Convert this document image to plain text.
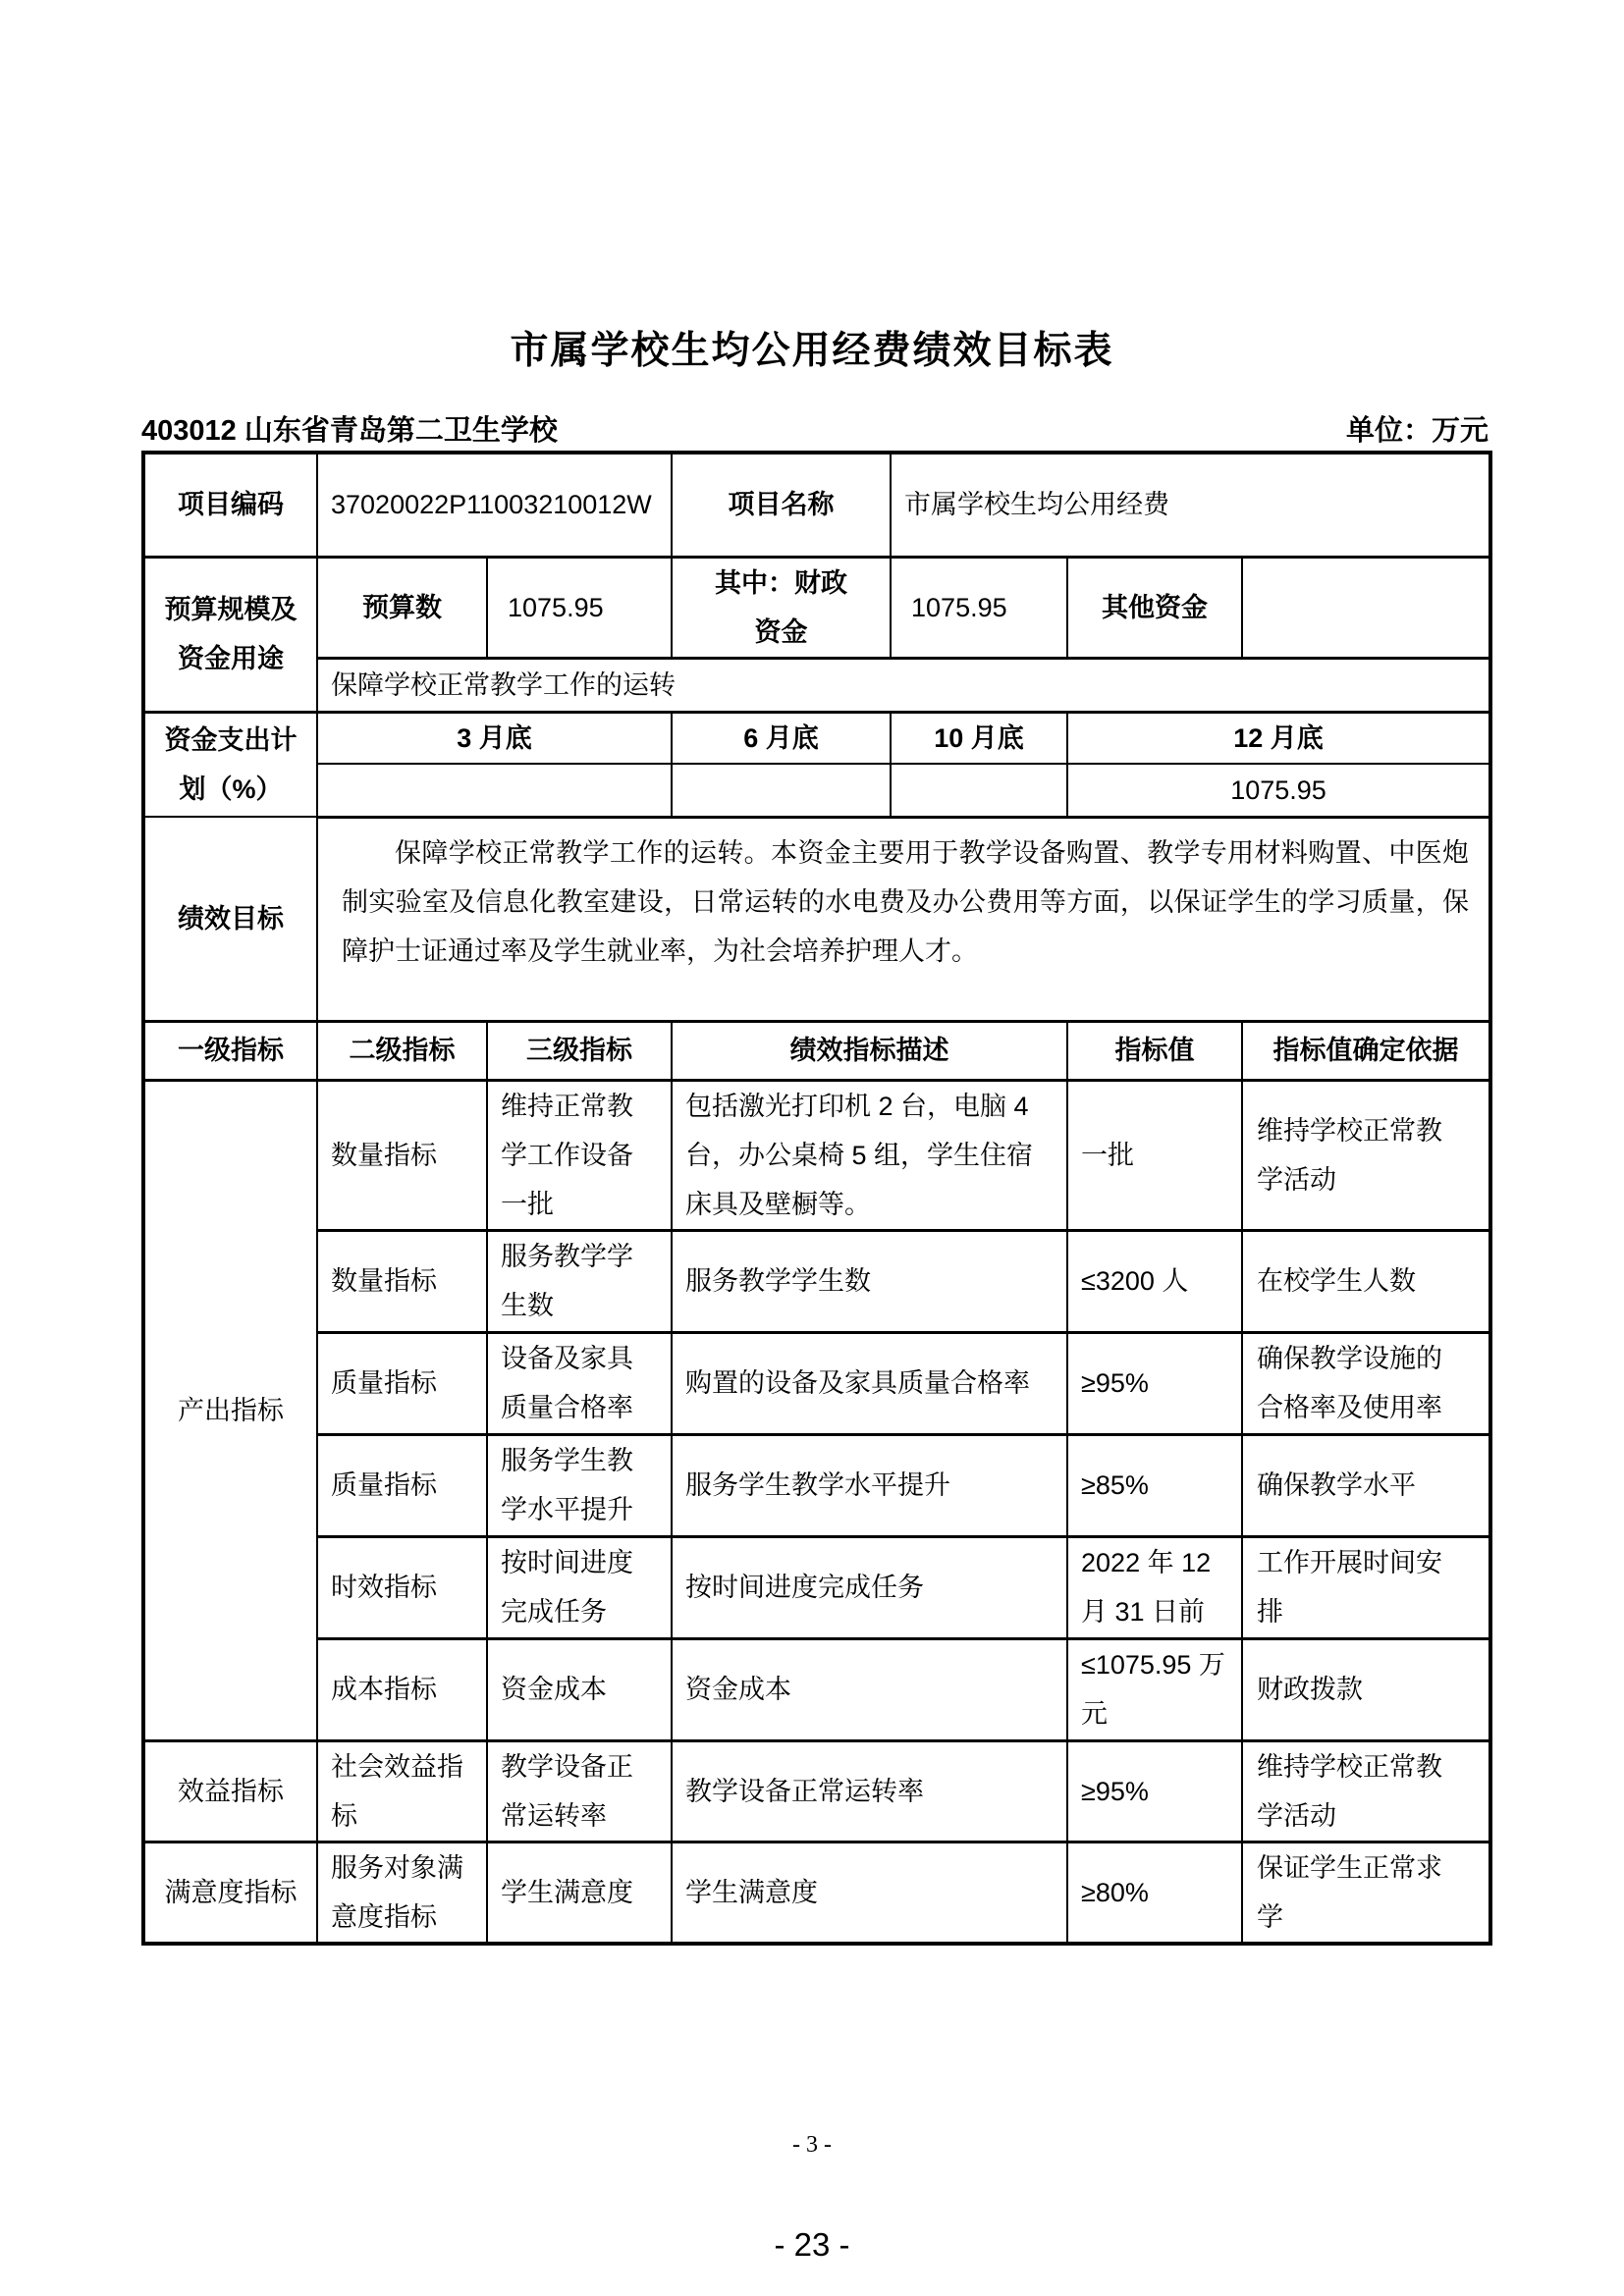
市属学校生均公用经费绩效目标表
403012 山东省青岛第二卫生学校	单位：万元
项目编码	37020022P11003210012W		项目名称	市属学校生均公用经费		
预算规模及资金用途	预算数	1075.95	其中：财政资金	1075.95	其他资金	
	保障学校正常教学工作的运转					
资金支出计划（%）	3 月底		6 月底	10 月底	12 月底	
					1075.95	
绩效目标	保障学校正常教学工作的运转。本资金主要用于教学设备购置、教学专用材料购置、中医炮制实验室及信息化教室建设，日常运转的水电费及办公费用等方面，以保证学生的学习质量，保障护士证通过率及学生就业率，为社会培养护理人才。					
一级指标	二级指标	三级指标	绩效指标描述		指标值	指标值确定依据
产出指标	数量指标	维持正常教学工作设备一批	包括激光打印机 2 台，电脑 4 台，办公桌椅 5 组，学生住宿床具及壁橱等。		一批	维持学校正常教学活动
	数量指标	服务教学学生数	服务教学学生数		≤3200 人	在校学生人数
	质量指标	设备及家具质量合格率	购置的设备及家具质量合格率		≥95%	确保教学设施的合格率及使用率
	质量指标	服务学生教学水平提升	服务学生教学水平提升		≥85%	确保教学水平
	时效指标	按时间进度完成任务	按时间进度完成任务		2022 年 12 月 31 日前	工作开展时间安排
	成本指标	资金成本	资金成本		≤1075.95 万元	财政拨款
效益指标	社会效益指标	教学设备正常运转率	教学设备正常运转率		≥95%	维持学校正常教学活动
满意度指标	服务对象满意度指标	学生满意度	学生满意度		≥80%	保证学生正常求学
- 3 -
- 23 -
